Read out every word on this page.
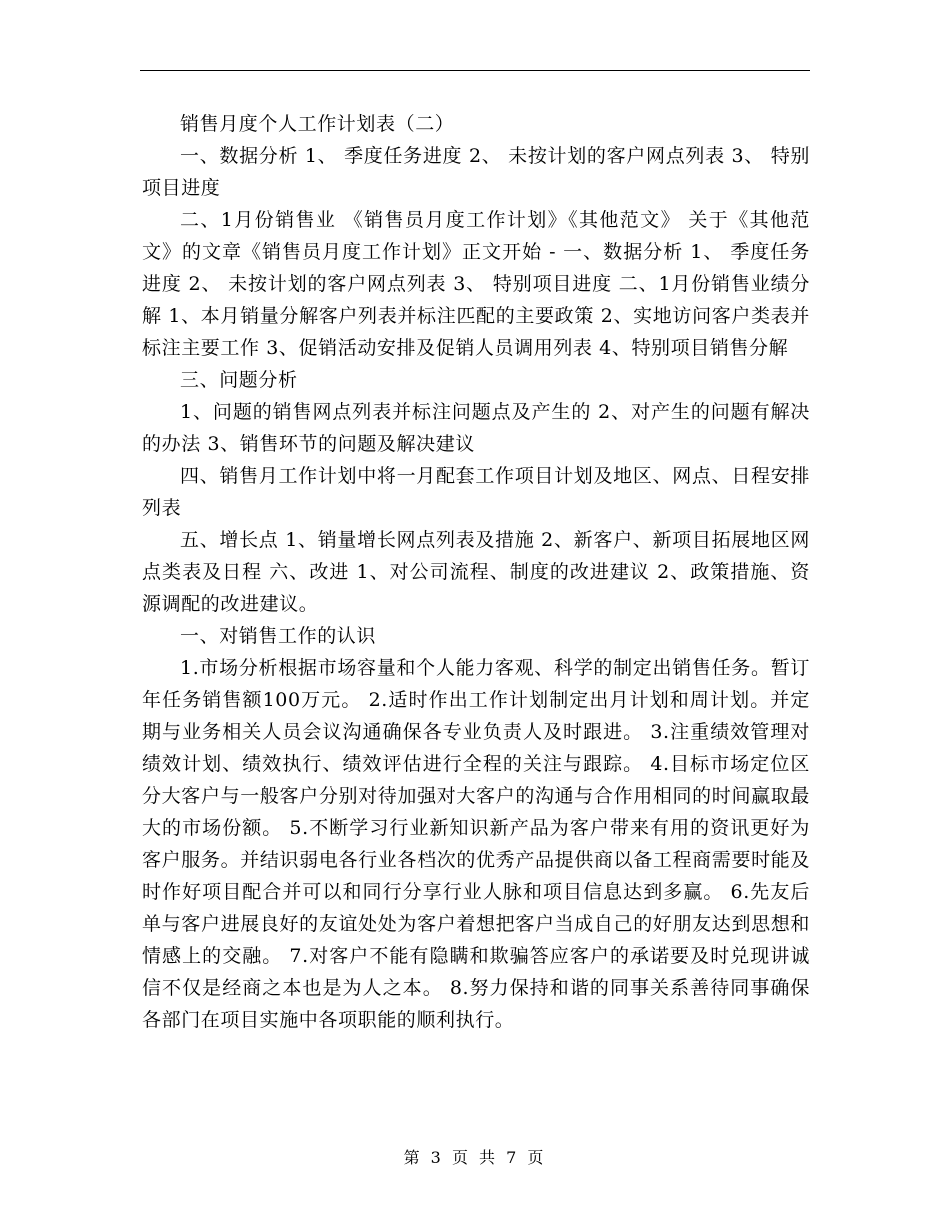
销售月度个人工作计划表（二）

一、数据分析 1、 季度任务进度 2、 未按计划的客户网点列表 3、 特别项目进度

二、1月份销售业 《销售员月度工作计划》《其他范文》 关于《其他范文》的文章《销售员月度工作计划》正文开始 - 一、数据分析 1、 季度任务进度 2、 未按计划的客户网点列表 3、 特别项目进度 二、1月份销售业绩分解 1、本月销量分解客户列表并标注匹配的主要政策 2、实地访问客户类表并标注主要工作 3、促销活动安排及促销人员调用列表 4、特别项目销售分解

三、问题分析

1、问题的销售网点列表并标注问题点及产生的 2、对产生的问题有解决的办法 3、销售环节的问题及解决建议

四、销售月工作计划中将一月配套工作项目计划及地区、网点、日程安排列表

五、增长点 1、销量增长网点列表及措施 2、新客户、新项目拓展地区网点类表及日程 六、改进 1、对公司流程、制度的改进建议 2、政策措施、资源调配的改进建议。

一、对销售工作的认识

1.市场分析根据市场容量和个人能力客观、科学的制定出销售任务。暂订年任务销售额100万元。 2.适时作出工作计划制定出月计划和周计划。并定期与业务相关人员会议沟通确保各专业负责人及时跟进。 3.注重绩效管理对绩效计划、绩效执行、绩效评估进行全程的关注与跟踪。 4.目标市场定位区分大客户与一般客户分别对待加强对大客户的沟通与合作用相同的时间赢取最大的市场份额。 5.不断学习行业新知识新产品为客户带来有用的资讯更好为客户服务。并结识弱电各行业各档次的优秀产品提供商以备工程商需要时能及时作好项目配合并可以和同行分享行业人脉和项目信息达到多赢。 6.先友后单与客户进展良好的友谊处处为客户着想把客户当成自己的好朋友达到思想和情感上的交融。 7.对客户不能有隐瞒和欺骗答应客户的承诺要及时兑现讲诚信不仅是经商之本也是为人之本。 8.努力保持和谐的同事关系善待同事确保各部门在项目实施中各项职能的顺利执行。

第 3 页 共 7 页
